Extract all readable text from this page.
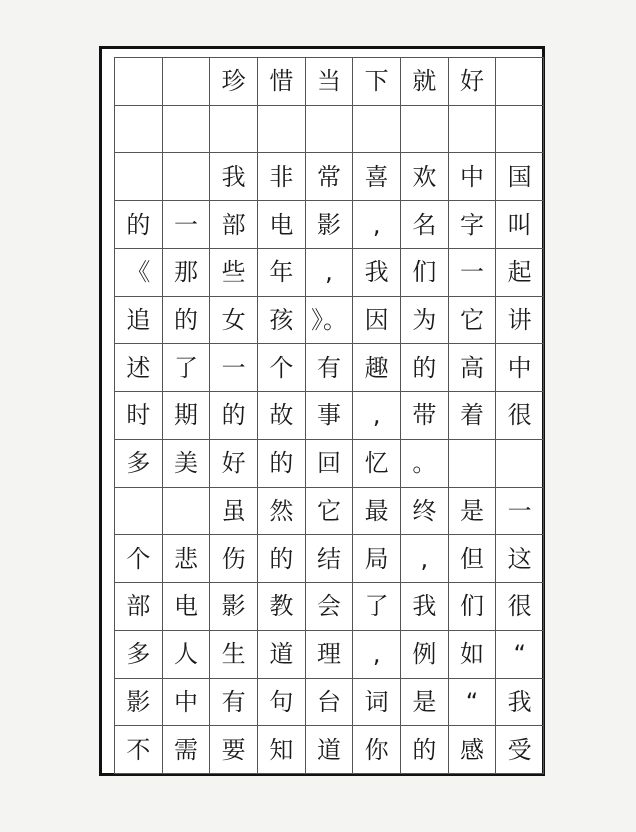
珍 惜 当 下 就 好
我 非 常 喜 欢 中 国
的 一 部 电 影	,	名 字 叫
《 那 些 年	,	我 们 一 起
追 的 女 孩 》。 因 为 它 讲
述 了 一 个 有 趣 的 高 中
时 期 的 故 事	,	带 着 很
多 美 好 的 回 忆 。
虽 然 它 最 终 是 一
个 悲 伤 的 结 局	,	但 这
部 电 影 教 会 了 我 们 很
多 人 生 道 理	,	例 如	“
影 中 有 句 台 词 是	“	我
不 需 要 知 道 你 的 感 受
